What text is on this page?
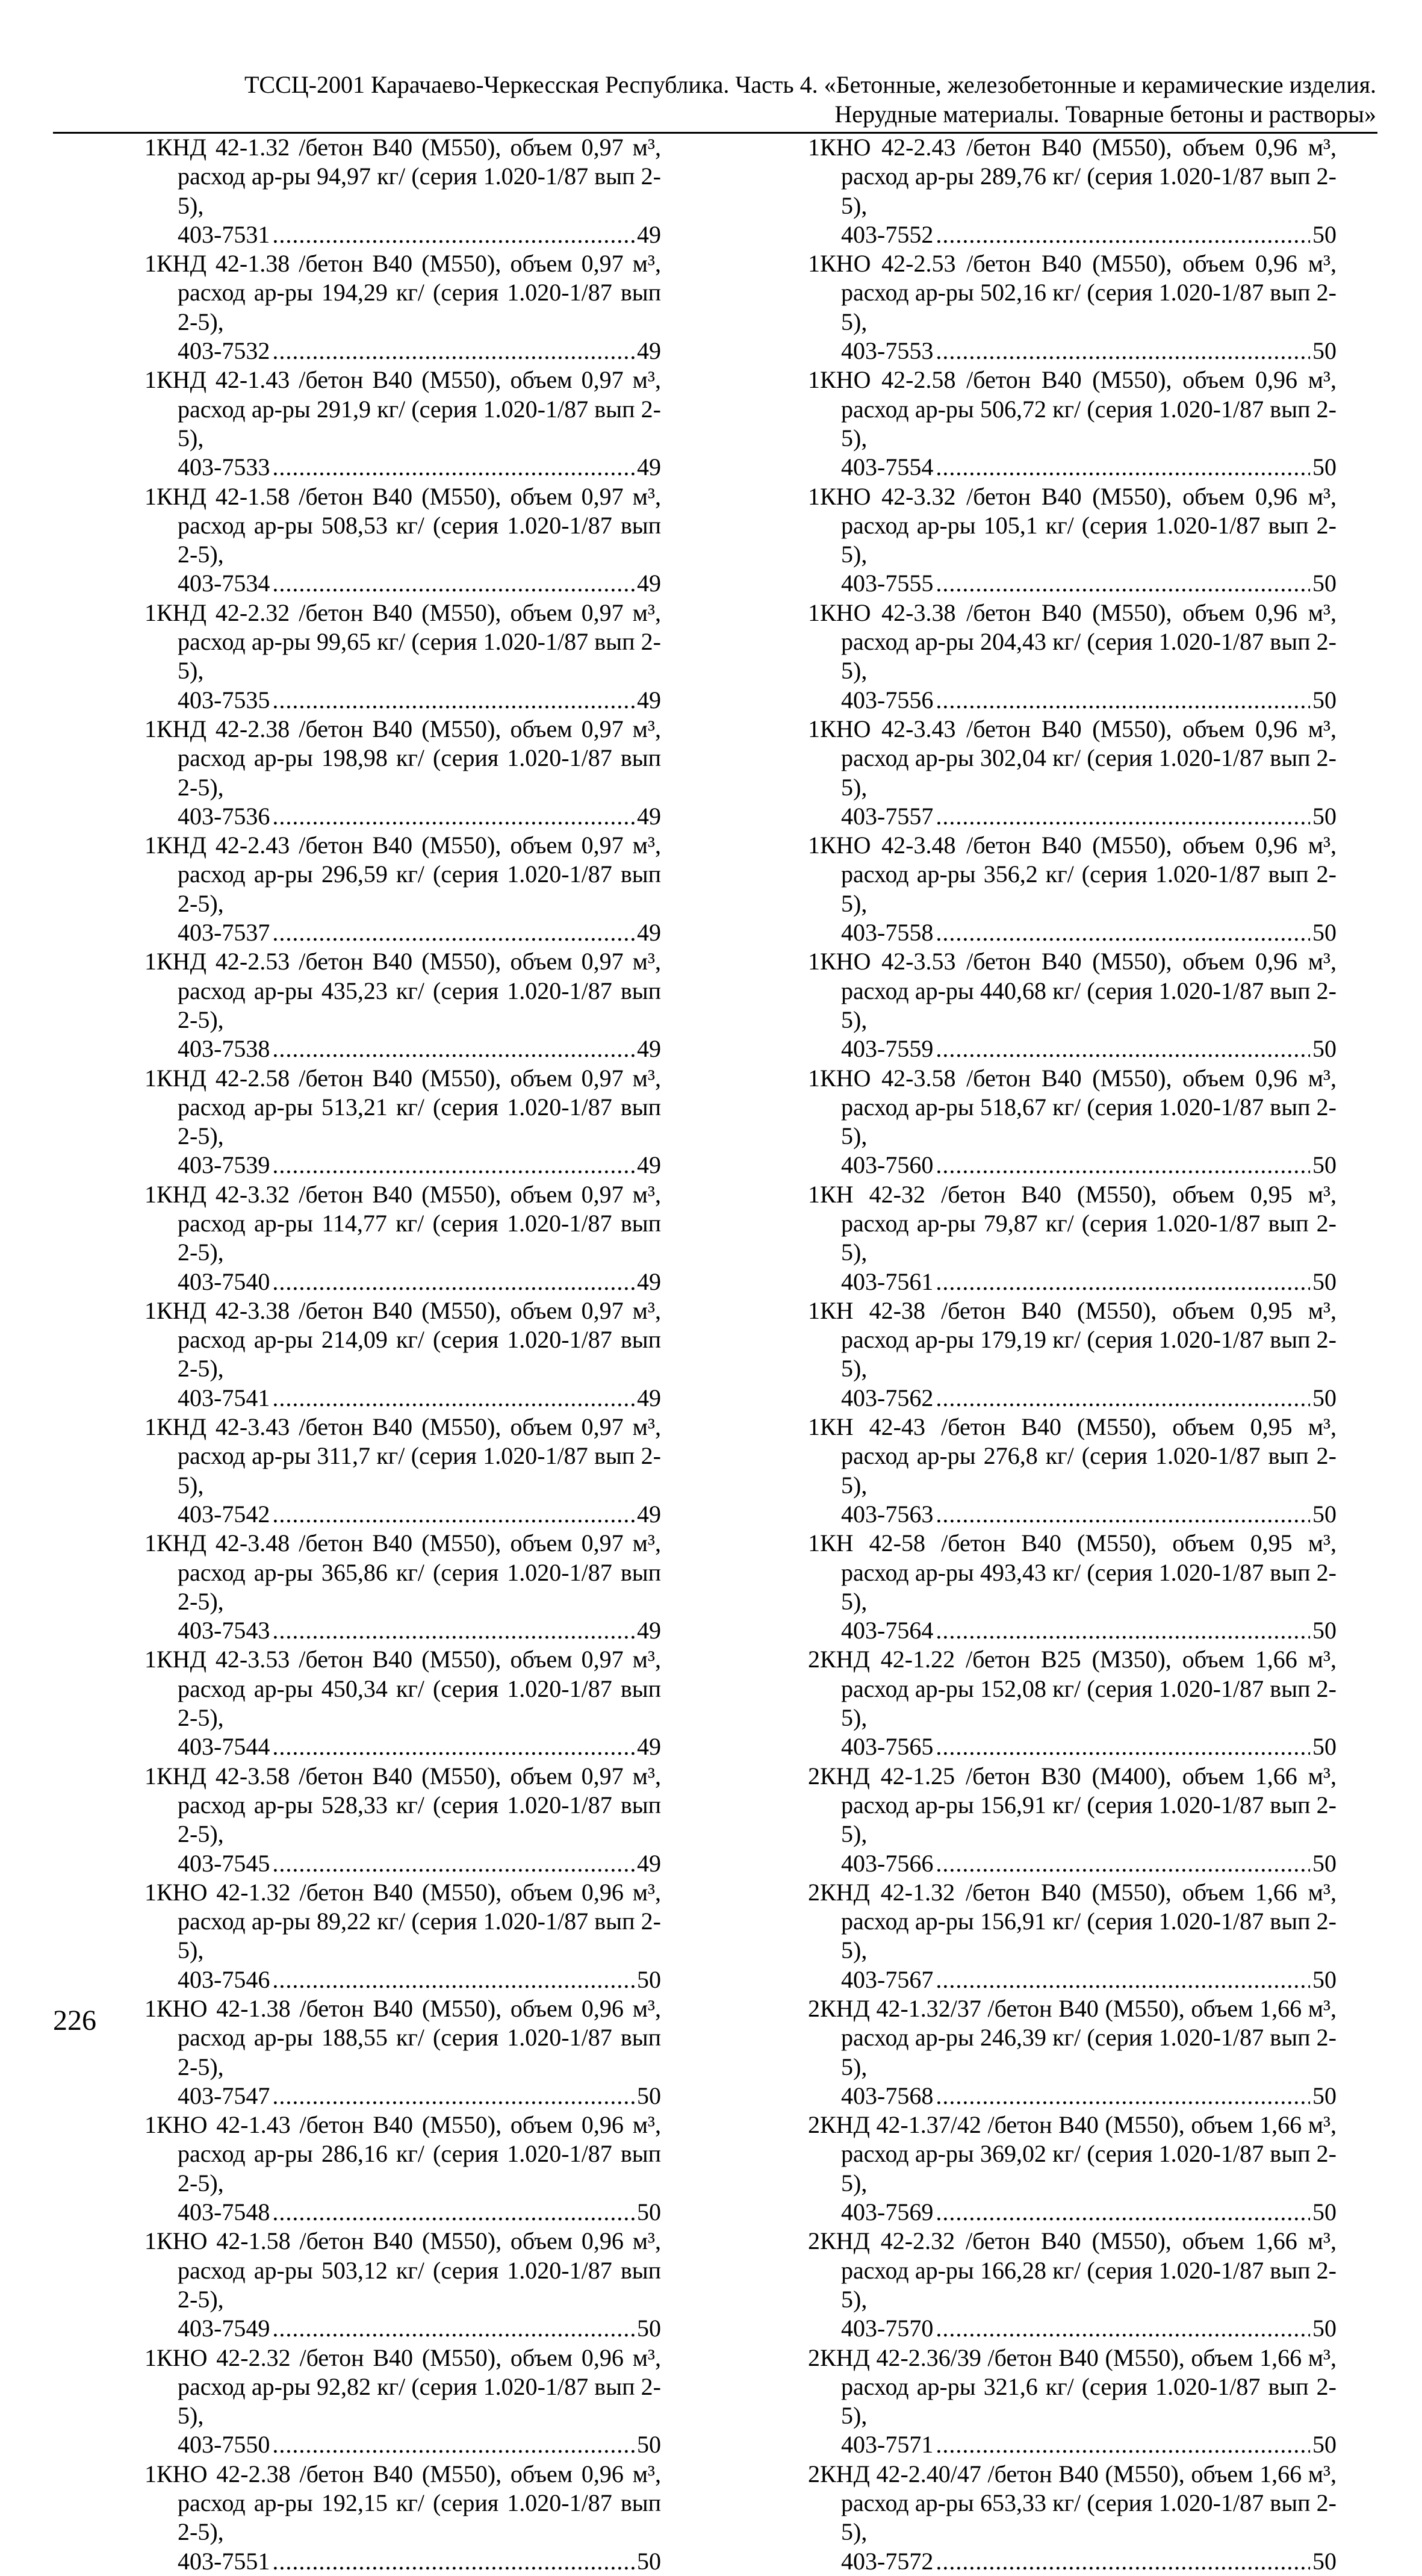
ТССЦ-2001 Карачаево-Черкесская Республика. Часть 4. «Бетонные, железобетонные и керамические изделия.
Нерудные материалы. Товарные бетоны и растворы»
1КНД 42-1.32 /бетон В40 (М550), объем 0,97 м³, расход ар-ры 94,97 кг/ (серия 1.020-1/87 вып 2-5),
403-7531 .....	49
1КНД 42-1.38 /бетон В40 (М550), объем 0,97 м³, расход ар-ры 194,29 кг/ (серия 1.020-1/87 вып 2-5),
403-7532 .....	49
1КНД 42-1.43 /бетон В40 (М550), объем 0,97 м³, расход ар-ры 291,9 кг/ (серия 1.020-1/87 вып 2-5),
403-7533 .....	49
1КНД 42-1.58 /бетон В40 (М550), объем 0,97 м³, расход ар-ры 508,53 кг/ (серия 1.020-1/87 вып 2-5),
403-7534 .....	49
1КНД 42-2.32 /бетон В40 (М550), объем 0,97 м³, расход ар-ры 99,65 кг/ (серия 1.020-1/87 вып 2-5),
403-7535 .....	49
1КНД 42-2.38 /бетон В40 (М550), объем 0,97 м³, расход ар-ры 198,98 кг/ (серия 1.020-1/87 вып 2-5),
403-7536 .....	49
1КНД 42-2.43 /бетон В40 (М550), объем 0,97 м³, расход ар-ры 296,59 кг/ (серия 1.020-1/87 вып 2-5),
403-7537 .....	49
1КНД 42-2.53 /бетон В40 (М550), объем 0,97 м³, расход ар-ры 435,23 кг/ (серия 1.020-1/87 вып 2-5),
403-7538 .....	49
1КНД 42-2.58 /бетон В40 (М550), объем 0,97 м³, расход ар-ры 513,21 кг/ (серия 1.020-1/87 вып 2-5),
403-7539 .....	49
1КНД 42-3.32 /бетон В40 (М550), объем 0,97 м³, расход ар-ры 114,77 кг/ (серия 1.020-1/87 вып 2-5),
403-7540 .....	49
1КНД 42-3.38 /бетон В40 (М550), объем 0,97 м³, расход ар-ры 214,09 кг/ (серия 1.020-1/87 вып 2-5),
403-7541 .....	49
1КНД 42-3.43 /бетон В40 (М550), объем 0,97 м³, расход ар-ры 311,7 кг/ (серия 1.020-1/87 вып 2-5),
403-7542 .....	49
1КНД 42-3.48 /бетон В40 (М550), объем 0,97 м³, расход ар-ры 365,86 кг/ (серия 1.020-1/87 вып 2-5),
403-7543 .....	49
1КНД 42-3.53 /бетон В40 (М550), объем 0,97 м³, расход ар-ры 450,34 кг/ (серия 1.020-1/87 вып 2-5),
403-7544 .....	49
1КНД 42-3.58 /бетон В40 (М550), объем 0,97 м³, расход ар-ры 528,33 кг/ (серия 1.020-1/87 вып 2-5),
403-7545 .....	49
1КНО 42-1.32 /бетон В40 (М550), объем 0,96 м³, расход ар-ры 89,22 кг/ (серия 1.020-1/87 вып 2-5),
403-7546 .....	50
1КНО 42-1.38 /бетон В40 (М550), объем 0,96 м³, расход ар-ры 188,55 кг/ (серия 1.020-1/87 вып 2-5),
403-7547 .....	50
1КНО 42-1.43 /бетон В40 (М550), объем 0,96 м³, расход ар-ры 286,16 кг/ (серия 1.020-1/87 вып 2-5),
403-7548 .....	50
1КНО 42-1.58 /бетон В40 (М550), объем 0,96 м³, расход ар-ры 503,12 кг/ (серия 1.020-1/87 вып 2-5),
403-7549 .....	50
1КНО 42-2.32 /бетон В40 (М550), объем 0,96 м³, расход ар-ры 92,82 кг/ (серия 1.020-1/87 вып 2-5),
403-7550 .....	50
1КНО 42-2.38 /бетон В40 (М550), объем 0,96 м³, расход ар-ры 192,15 кг/ (серия 1.020-1/87 вып 2-5),
403-7551 .....	50
1КНО 42-2.43 /бетон В40 (М550), объем 0,96 м³, расход ар-ры 289,76 кг/ (серия 1.020-1/87 вып 2-5),
403-7552 .....	50
1КНО 42-2.53 /бетон В40 (М550), объем 0,96 м³, расход ар-ры 502,16 кг/ (серия 1.020-1/87 вып 2-5),
403-7553 .....	50
1КНО 42-2.58 /бетон В40 (М550), объем 0,96 м³, расход ар-ры 506,72 кг/ (серия 1.020-1/87 вып 2-5),
403-7554 .....	50
1КНО 42-3.32 /бетон В40 (М550), объем 0,96 м³, расход ар-ры 105,1 кг/ (серия 1.020-1/87 вып 2-5),
403-7555 .....	50
1КНО 42-3.38 /бетон В40 (М550), объем 0,96 м³, расход ар-ры 204,43 кг/ (серия 1.020-1/87 вып 2-5),
403-7556 .....	50
1КНО 42-3.43 /бетон В40 (М550), объем 0,96 м³, расход ар-ры 302,04 кг/ (серия 1.020-1/87 вып 2-5),
403-7557 .....	50
1КНО 42-3.48 /бетон В40 (М550), объем 0,96 м³, расход ар-ры 356,2 кг/ (серия 1.020-1/87 вып 2-5),
403-7558 .....	50
1КНО 42-3.53 /бетон В40 (М550), объем 0,96 м³, расход ар-ры 440,68 кг/ (серия 1.020-1/87 вып 2-5),
403-7559 .....	50
1КНО 42-3.58 /бетон В40 (М550), объем 0,96 м³, расход ар-ры 518,67 кг/ (серия 1.020-1/87 вып 2-5),
403-7560 .....	50
1КН 42-32 /бетон В40 (М550), объем 0,95 м³, расход ар-ры 79,87 кг/ (серия 1.020-1/87 вып 2-5),
403-7561 .....	50
1КН 42-38 /бетон В40 (М550), объем 0,95 м³, расход ар-ры 179,19 кг/ (серия 1.020-1/87 вып 2-5),
403-7562 .....	50
1КН 42-43 /бетон В40 (М550), объем 0,95 м³, расход ар-ры 276,8 кг/ (серия 1.020-1/87 вып 2-5),
403-7563 .....	50
1КН 42-58 /бетон В40 (М550), объем 0,95 м³, расход ар-ры 493,43 кг/ (серия 1.020-1/87 вып 2-5),
403-7564 .....	50
2КНД 42-1.22 /бетон В25 (М350), объем 1,66 м³, расход ар-ры 152,08 кг/ (серия 1.020-1/87 вып 2-5),
403-7565 .....	50
2КНД 42-1.25 /бетон В30 (М400), объем 1,66 м³, расход ар-ры 156,91 кг/ (серия 1.020-1/87 вып 2-5),
403-7566 .....	50
2КНД 42-1.32 /бетон В40 (М550), объем 1,66 м³, расход ар-ры 156,91 кг/ (серия 1.020-1/87 вып 2-5),
403-7567 .....	50
2КНД 42-1.32/37 /бетон В40 (М550), объем 1,66 м³, расход ар-ры 246,39 кг/ (серия 1.020-1/87 вып 2-5),
403-7568 .....	50
2КНД 42-1.37/42 /бетон В40 (М550), объем 1,66 м³, расход ар-ры 369,02 кг/ (серия 1.020-1/87 вып 2-5),
403-7569 .....	50
2КНД 42-2.32 /бетон В40 (М550), объем 1,66 м³, расход ар-ры 166,28 кг/ (серия 1.020-1/87 вып 2-5),
403-7570 .....	50
2КНД 42-2.36/39 /бетон В40 (М550), объем 1,66 м³, расход ар-ры 321,6 кг/ (серия 1.020-1/87 вып 2-5),
403-7571 .....	50
2КНД 42-2.40/47 /бетон В40 (М550), объем 1,66 м³, расход ар-ры 653,33 кг/ (серия 1.020-1/87 вып 2-5),
403-7572 .....	50
226
